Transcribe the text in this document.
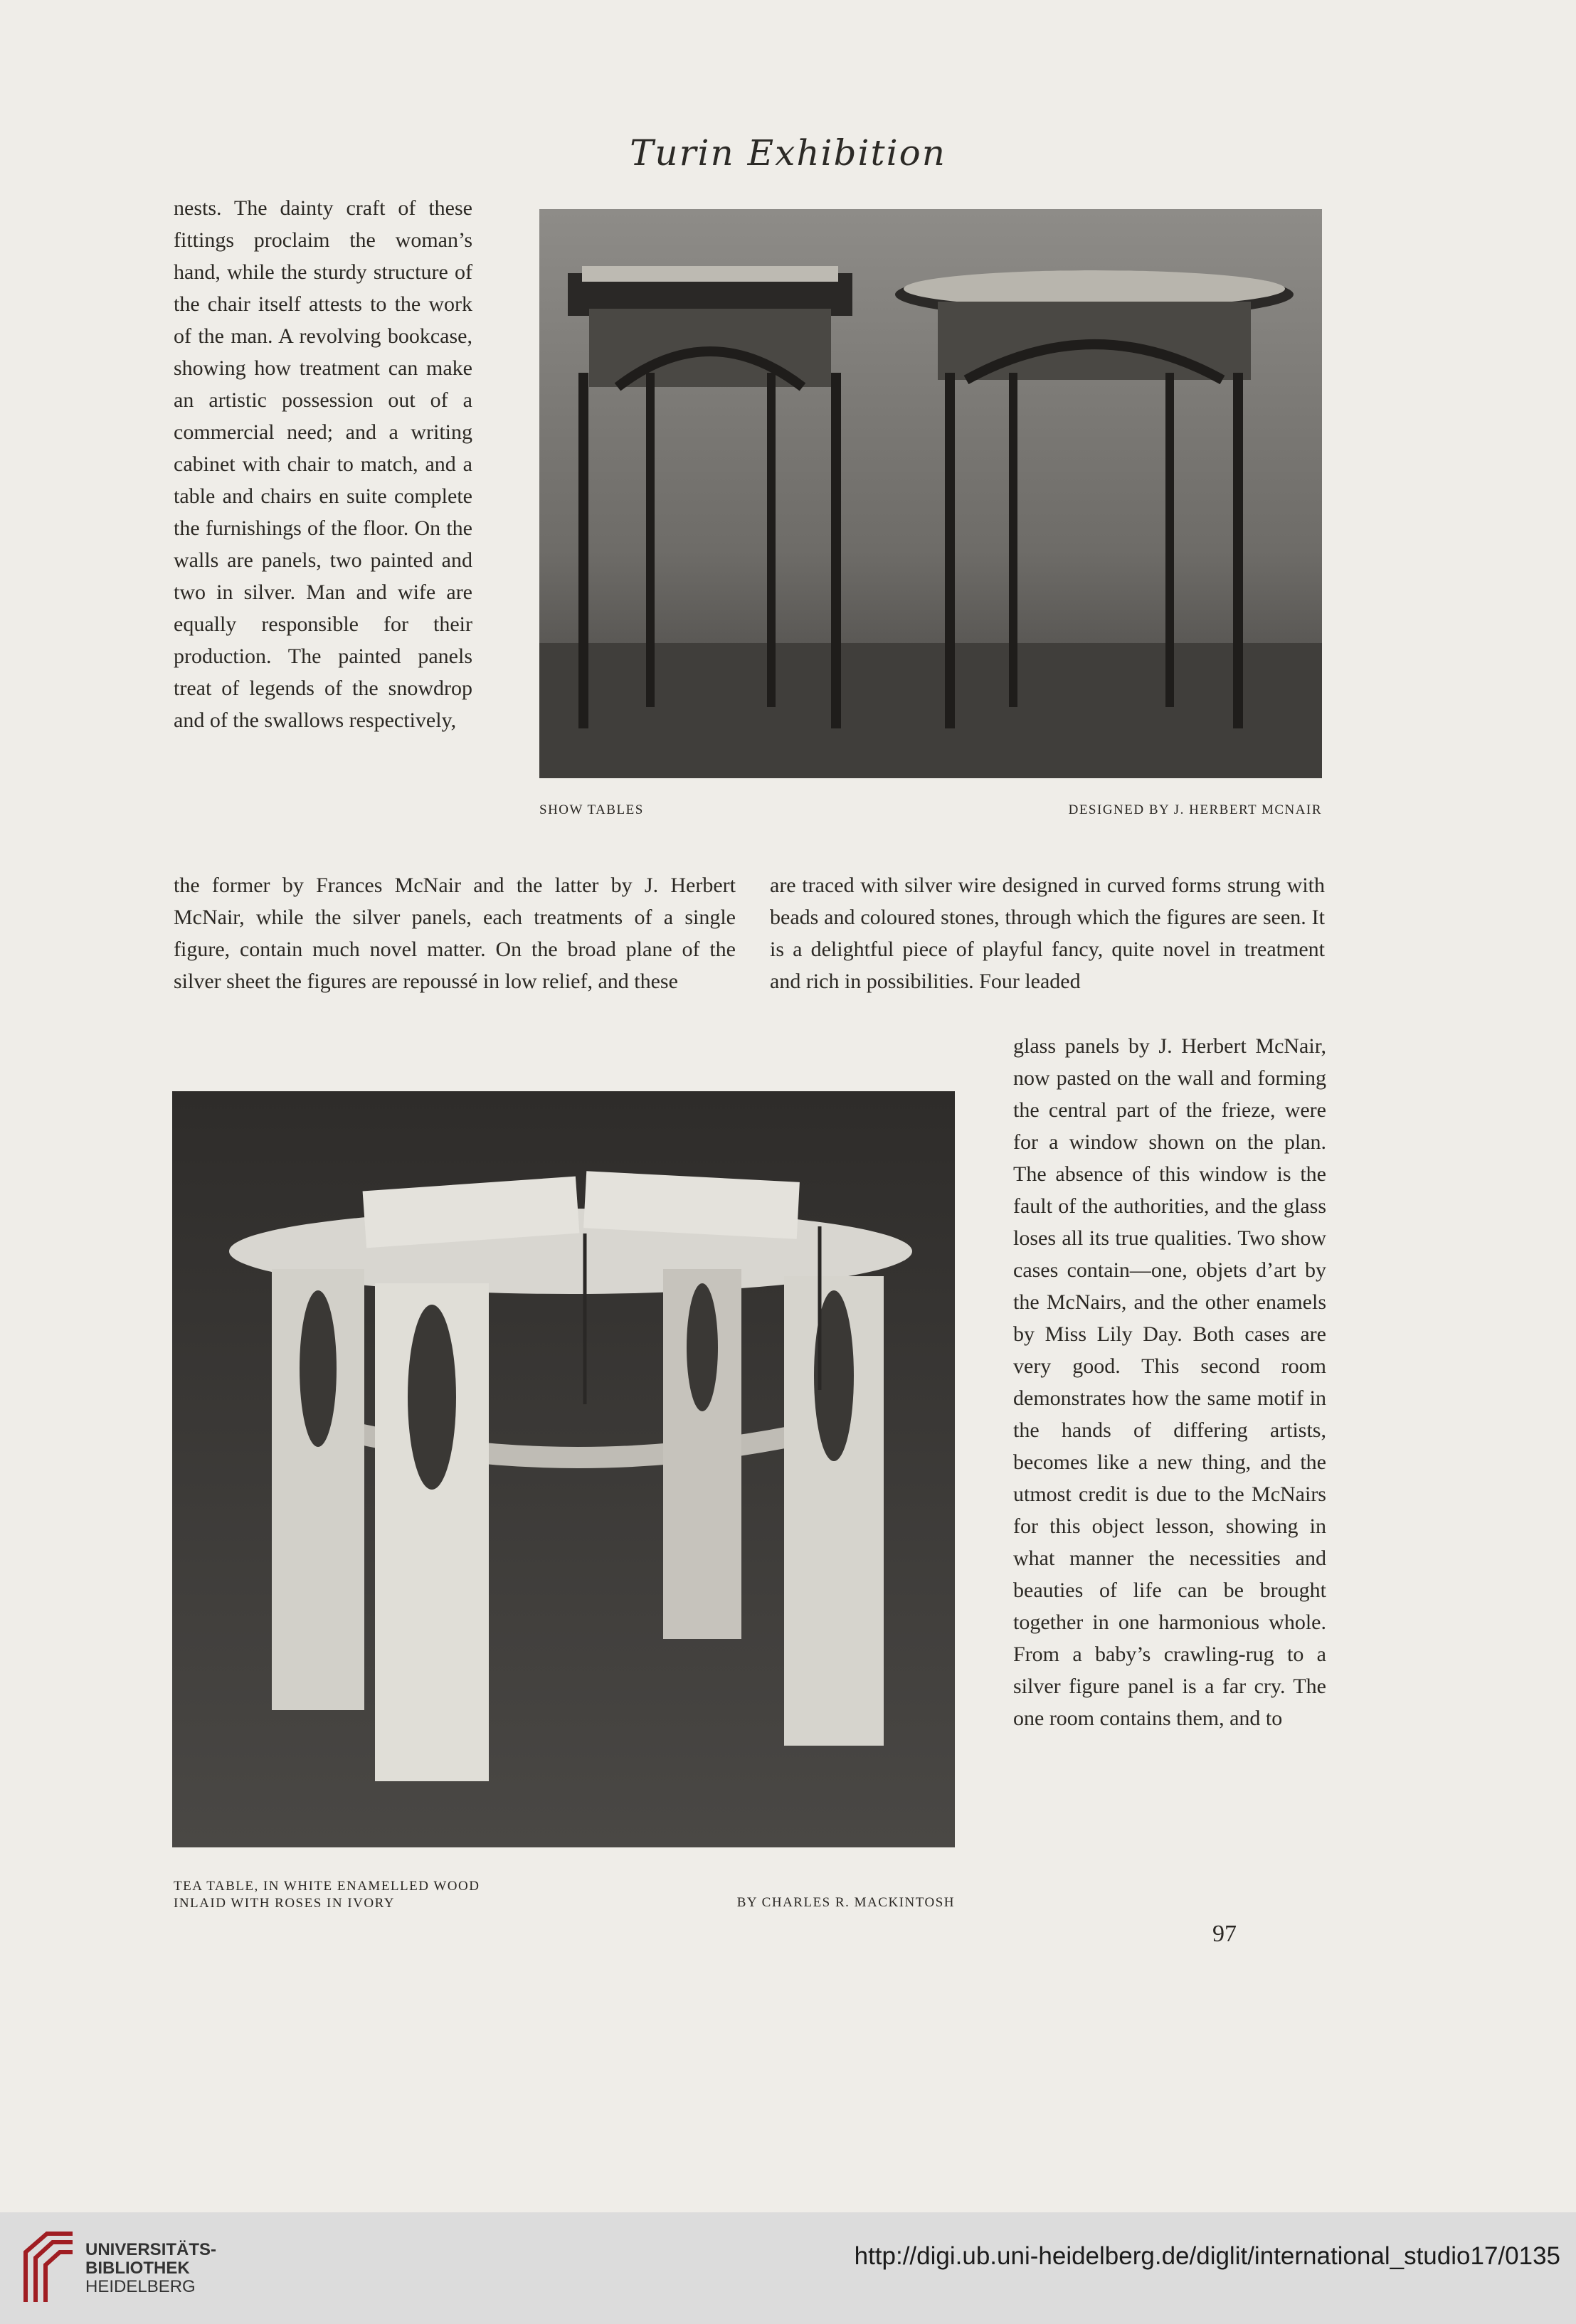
Turin Exhibition

nests. The dainty craft of these fittings proclaim the woman’s hand, while the sturdy structure of the chair itself attests to the work of the man. A revolving bookcase, showing how treatment can make an artistic possession out of a commercial need; and a writing cabinet with chair to match, and a table and chairs en suite complete the furnishings of the floor. On the walls are panels, two painted and two in silver. Man and wife are equally responsible for their production. The painted panels treat of legends of the snowdrop and of the swallows respectively,

SHOW TABLES	DESIGNED BY J. HERBERT MCNAIR

the former by Frances McNair and the latter by J. Herbert McNair, while the silver panels, each treatments of a single figure, contain much novel matter. On the broad plane of the silver sheet the figures are repoussé in low relief, and these

are traced with silver wire designed in curved forms strung with beads and coloured stones, through which the figures are seen. It is a delightful piece of playful fancy, quite novel in treatment and rich in possibilities. Four leaded

TEA TABLE, IN WHITE ENAMELLED WOOD
INLAID WITH ROSES IN IVORY	BY CHARLES R. MACKINTOSH

glass panels by J. Herbert McNair, now pasted on the wall and forming the central part of the frieze, were for a window shown on the plan. The absence of this window is the fault of the authorities, and the glass loses all its true qualities. Two show cases contain—one, objets d’art by the McNairs, and the other enamels by Miss Lily Day. Both cases are very good. This second room demonstrates how the same motif in the hands of differing artists, becomes like a new thing, and the utmost credit is due to the McNairs for this object lesson, showing in what manner the necessities and beauties of life can be brought together in one harmonious whole. From a baby’s crawling-rug to a silver figure panel is a far cry. The one room contains them, and to

97
UNIVERSITÄTS-
BIBLIOTHEK
HEIDELBERG
http://digi.ub.uni-heidelberg.de/diglit/international_studio17/0135
